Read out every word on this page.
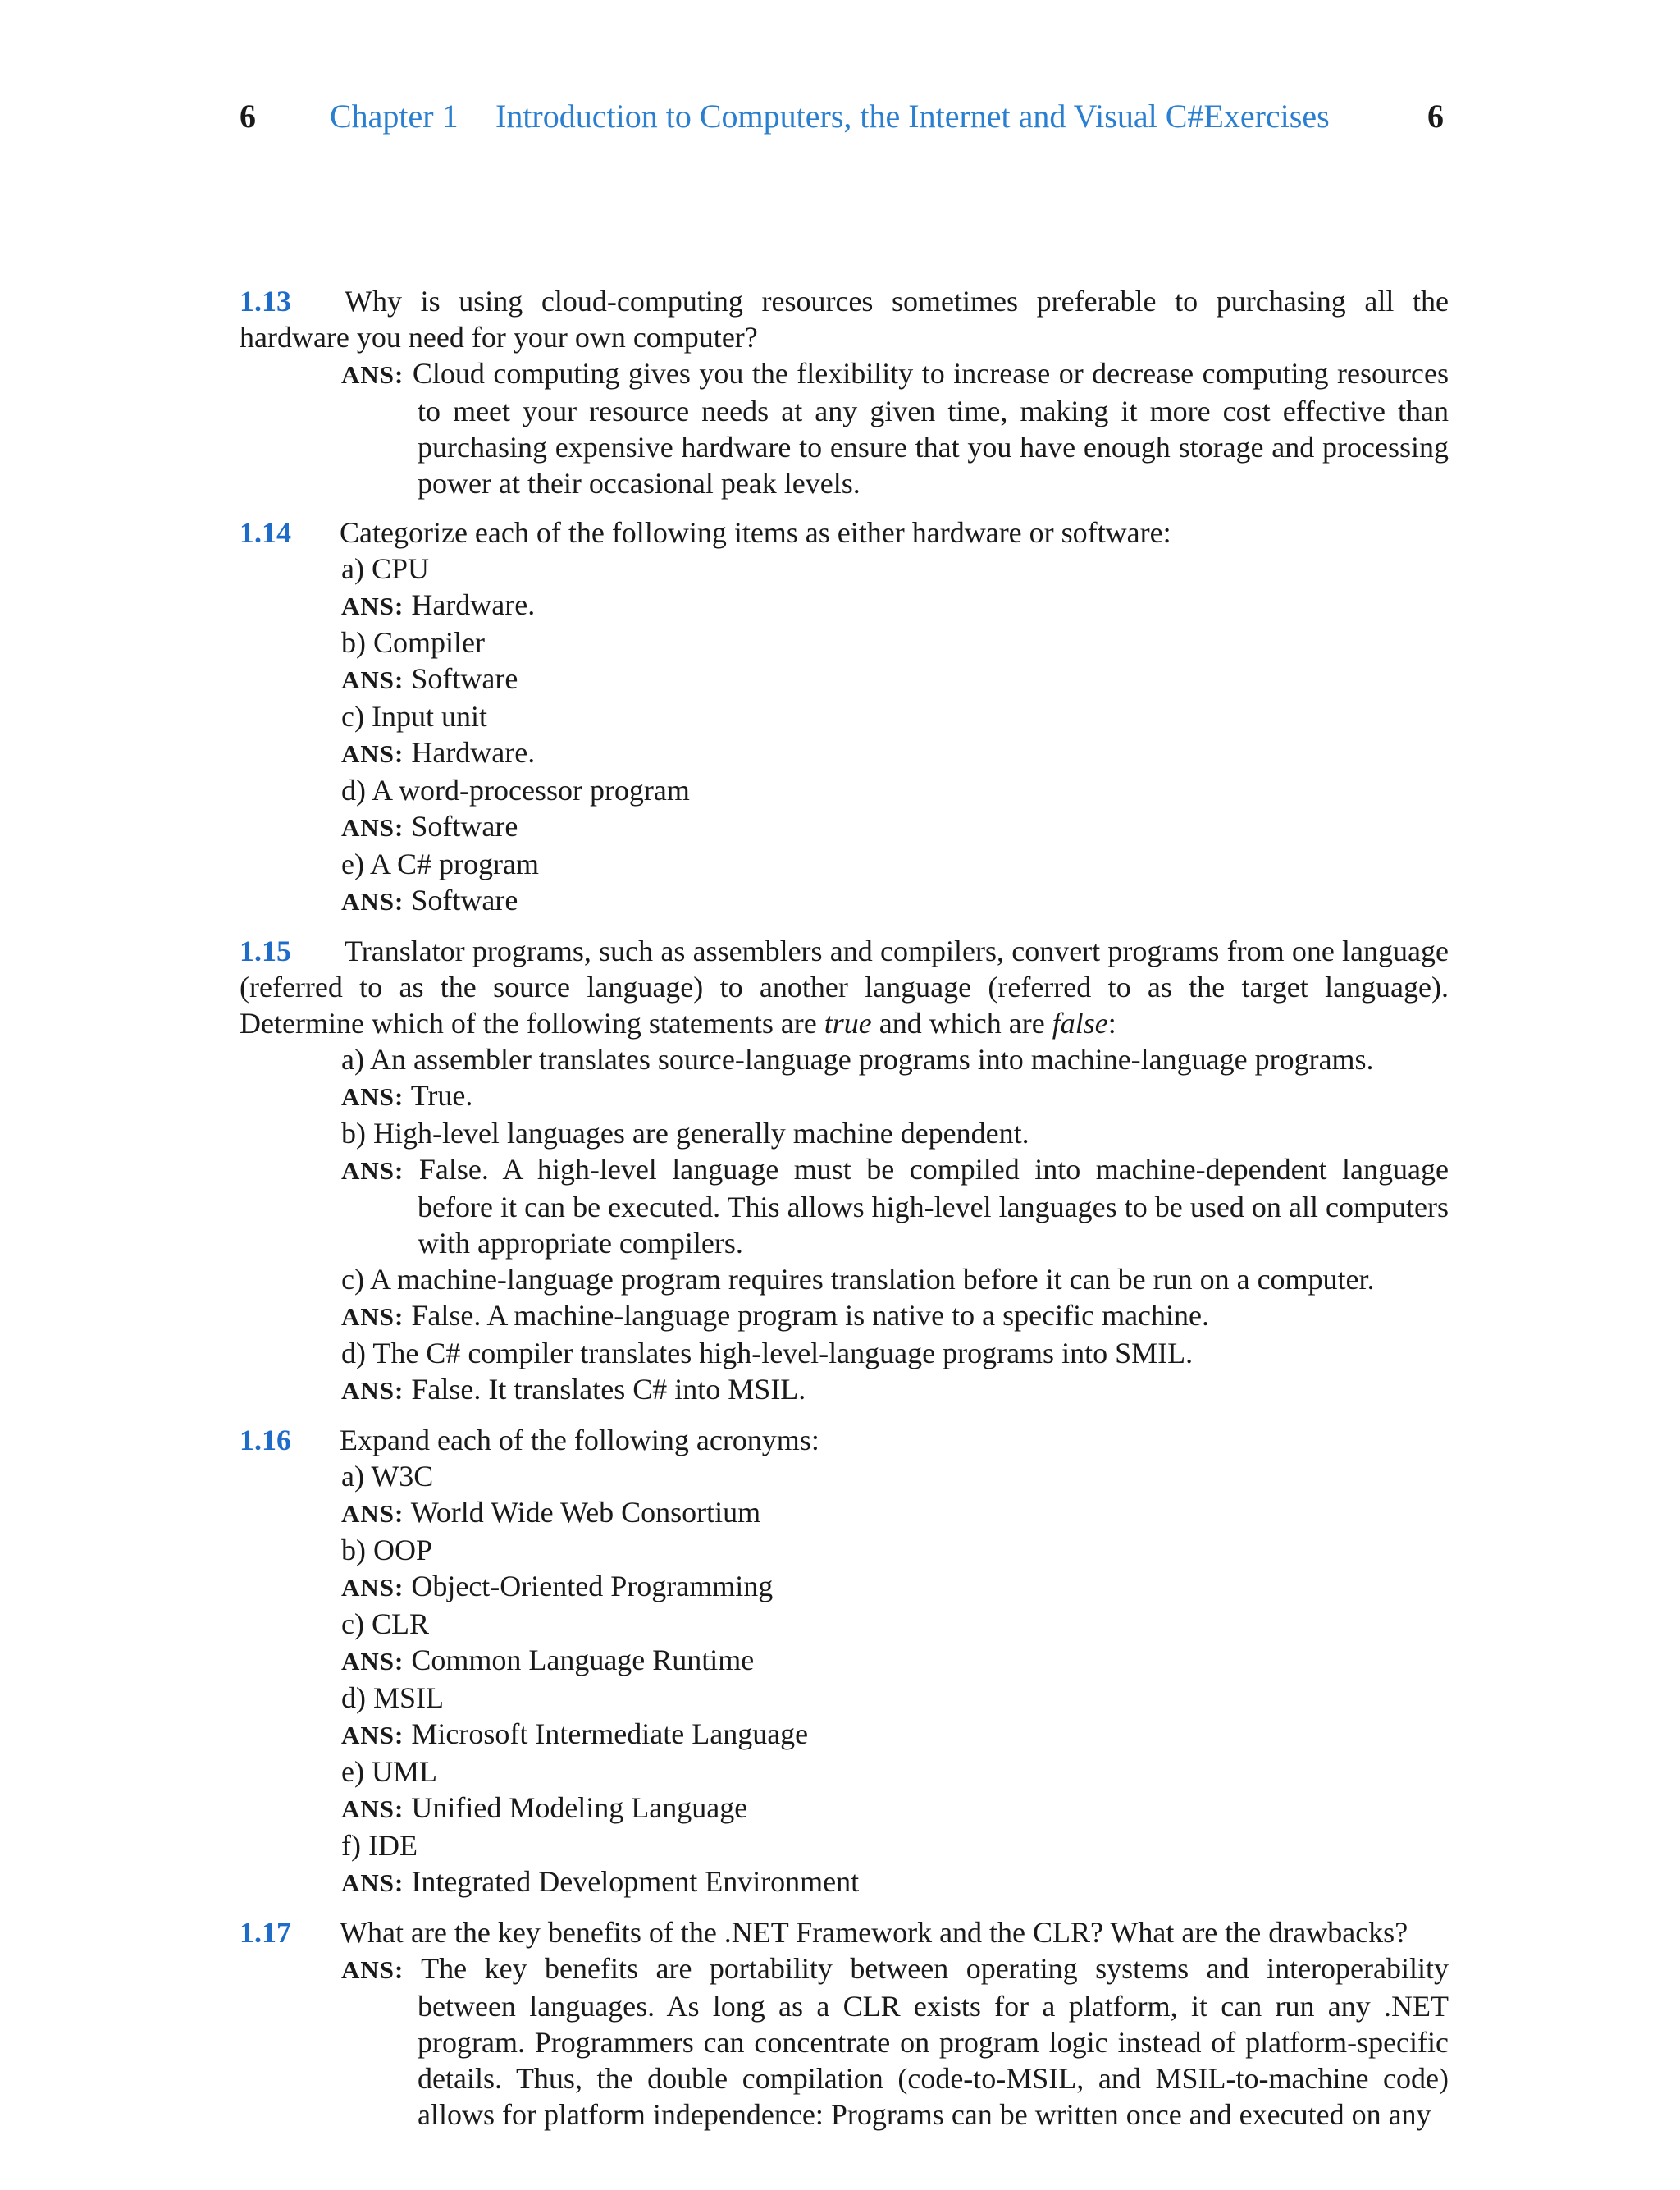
6 Chapter 1 Introduction to Computers, the Internet and Visual C#Exercises	6
1.13	Why is using cloud-computing resources sometimes preferable to purchasing all the hardware you need for your own computer?
ANS: Cloud computing gives you the flexibility to increase or decrease computing resources to meet your resource needs at any given time, making it more cost effective than purchasing expensive hardware to ensure that you have enough storage and processing power at their occasional peak levels.
1.14	Categorize each of the following items as either hardware or software:
a) CPU
ANS: Hardware.
b) Compiler
ANS: Software
c) Input unit
ANS: Hardware.
d) A word-processor program
ANS: Software
e) A C# program
ANS: Software
1.15	Translator programs, such as assemblers and compilers, convert programs from one language (referred to as the source language) to another language (referred to as the target language). Determine which of the following statements are true and which are false:
a) An assembler translates source-language programs into machine-language programs.
ANS: True.
b) High-level languages are generally machine dependent.
ANS: False. A high-level language must be compiled into machine-dependent language before it can be executed. This allows high-level languages to be used on all computers with appropriate compilers.
c) A machine-language program requires translation before it can be run on a computer.
ANS: False. A machine-language program is native to a specific machine.
d) The C# compiler translates high-level-language programs into SMIL.
ANS: False. It translates C# into MSIL.
1.16	Expand each of the following acronyms:
a) W3C
ANS: World Wide Web Consortium
b) OOP
ANS: Object-Oriented Programming
c) CLR
ANS: Common Language Runtime
d) MSIL
ANS: Microsoft Intermediate Language
e) UML
ANS: Unified Modeling Language
f) IDE
ANS: Integrated Development Environment
1.17	What are the key benefits of the .NET Framework and the CLR? What are the drawbacks?
ANS: The key benefits are portability between operating systems and interoperability between languages. As long as a CLR exists for a platform, it can run any .NET program. Programmers can concentrate on program logic instead of platform-specific details. Thus, the double compilation (code-to-MSIL, and MSIL-to-machine code) allows for platform independence: Programs can be written once and executed on any
